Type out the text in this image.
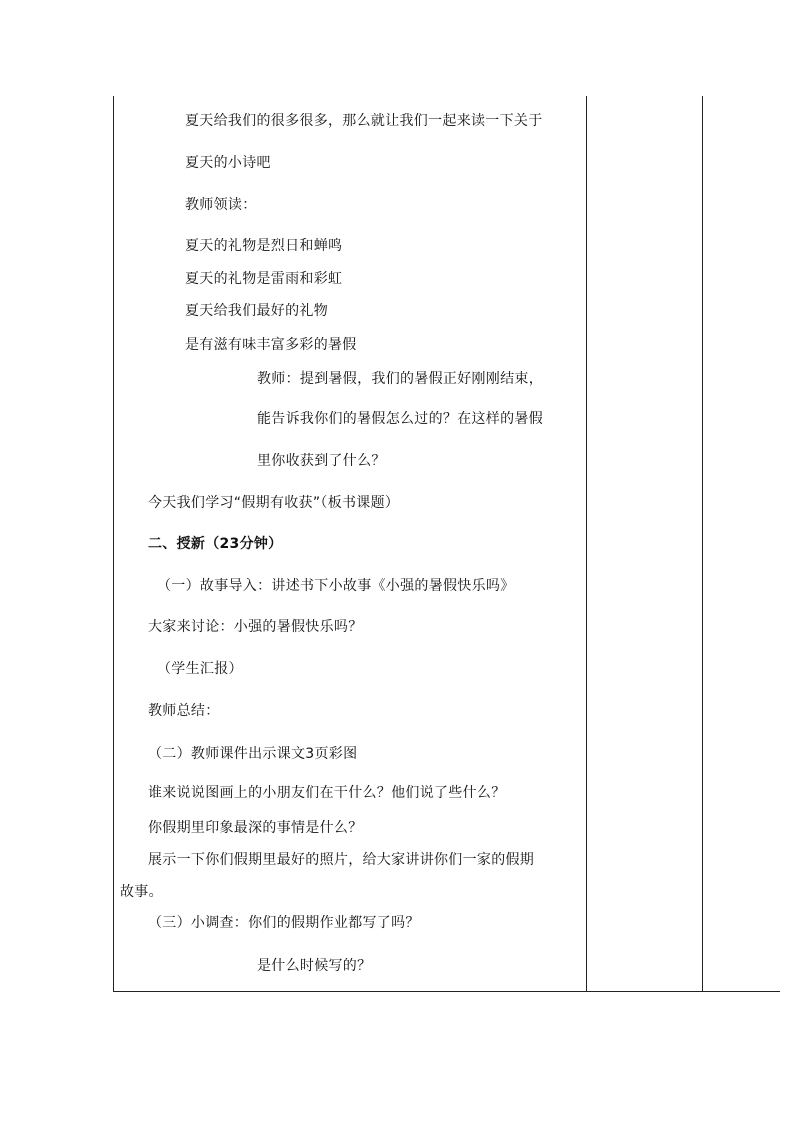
夏天给我们的很多很多，那么就让我们一起来读一下关于
夏天的小诗吧
教师领读：
夏天的礼物是烈日和蝉鸣
夏天的礼物是雷雨和彩虹
夏天给我们最好的礼物
是有滋有味丰富多彩的暑假
教师：提到暑假，我们的暑假正好刚刚结束，
能告诉我你们的暑假怎么过的？在这样的暑假
里你收获到了什么？
今天我们学习“假期有收获”（板书课题）
二、授新（23分钟）
（一）故事导入：讲述书下小故事《小强的暑假快乐吗》
大家来讨论：小强的暑假快乐吗？
（学生汇报）
教师总结：
（二）教师课件出示课文3页彩图
谁来说说图画上的小朋友们在干什么？他们说了些什么？
你假期里印象最深的事情是什么？
展示一下你们假期里最好的照片，给大家讲讲你们一家的假期
故事。
（三）小调查：你们的假期作业都写了吗？
是什么时候写的？
